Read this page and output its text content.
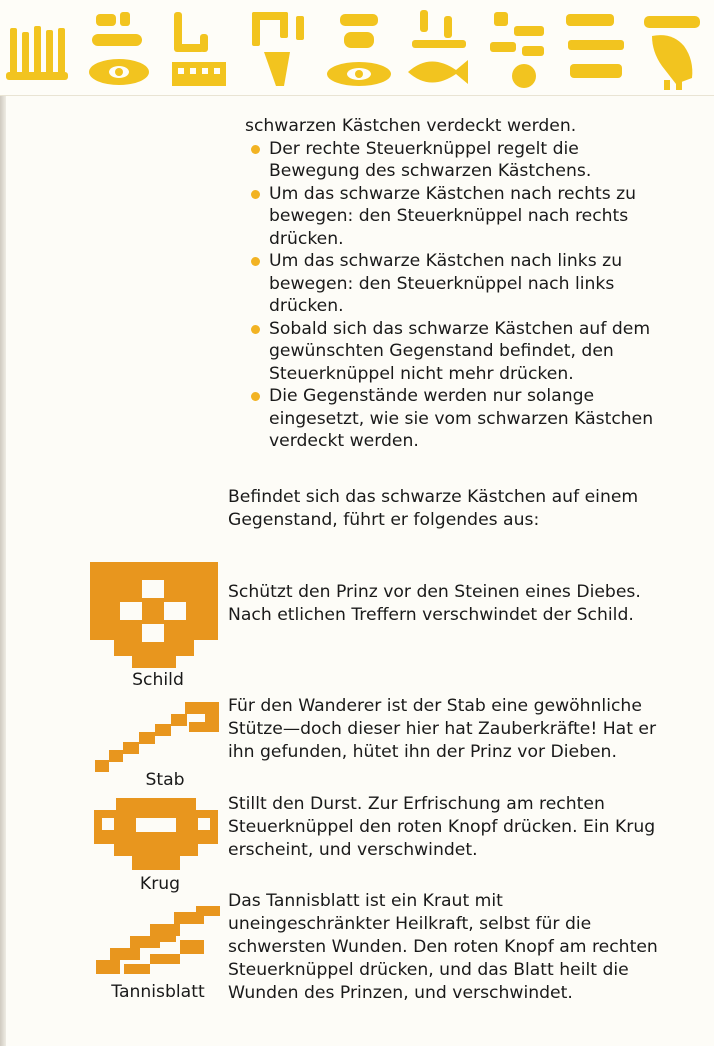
schwarzen Kästchen verdeckt werden.

Der rechte Steuerknüppel regelt die Bewegung des schwarzen Kästchens.
Um das schwarze Kästchen nach rechts zu bewegen: den Steuerknüppel nach rechts drücken.
Um das schwarze Kästchen nach links zu bewegen: den Steuerknüppel nach links drücken.
Sobald sich das schwarze Kästchen auf dem gewünschten Gegenstand befindet, den Steuerknüppel nicht mehr drücken.
Die Gegenstände werden nur solange eingesetzt, wie sie vom schwarzen Kästchen verdeckt werden.

Befindet sich das schwarze Kästchen auf einem Gegenstand, führt er folgendes aus:

Schild

Schützt den Prinz vor den Steinen eines Diebes. Nach etlichen Treffern verschwindet der Schild.

Stab

Für den Wanderer ist der Stab eine gewöhnliche Stütze—doch dieser hier hat Zauberkräfte! Hat er ihn gefunden, hütet ihn der Prinz vor Dieben.

Krug

Stillt den Durst. Zur Erfrischung am rechten Steuerknüppel den roten Knopf drücken. Ein Krug erscheint, und verschwindet.

Tannisblatt

Das Tannisblatt ist ein Kraut mit uneingeschränkter Heilkraft, selbst für die schwersten Wunden. Den roten Knopf am rechten Steuerknüppel drücken, und das Blatt heilt die Wunden des Prinzen, und verschwindet.
